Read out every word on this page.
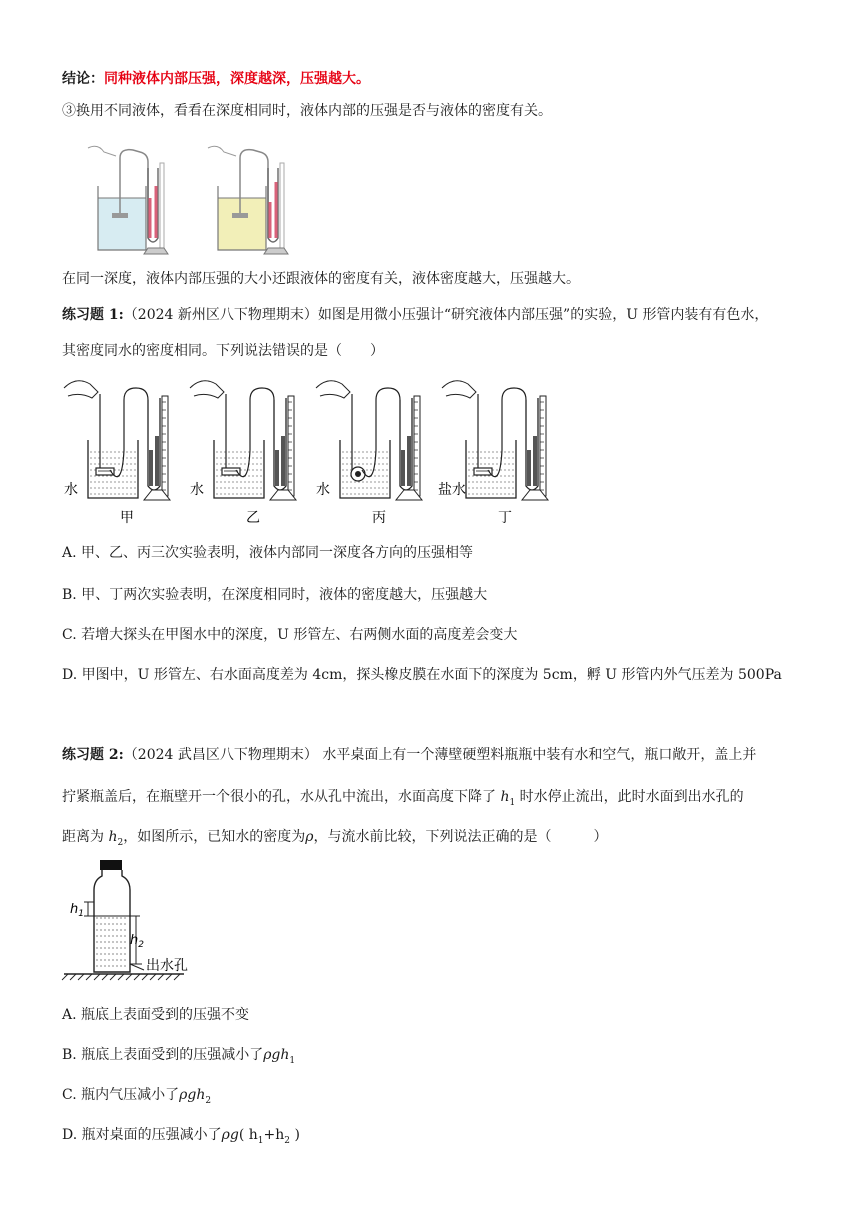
结论：同种液体内部压强，深度越深，压强越大。
③换用不同液体，看看在深度相同时，液体内部的压强是否与液体的密度有关。
在同一深度，液体内部压强的大小还跟液体的密度有关，液体密度越大，压强越大。
练习题 1:（2024 新州区八下物理期末）如图是用微小压强计“研究液体内部压强”的实验，U 形管内装有有色水，
其密度同水的密度相同。下列说法错误的是（　　）
水
甲
水
乙
水
丙
盐水
丁
A. 甲、乙、丙三次实验表明，液体内部同一深度各方向的压强相等
B. 甲、丁两次实验表明，在深度相同时，液体的密度越大，压强越大
C. 若增大探头在甲图水中的深度，U 形管左、右两侧水面的高度差会变大
D. 甲图中，U 形管左、右水面高度差为 4cm，探头橡皮膜在水面下的深度为 5cm，孵 U 形管内外气压差为 500Pa
练习题 2:（2024 武昌区八下物理期末） 水平桌面上有一个薄壁硬塑料瓶瓶中装有水和空气，瓶口敞开，盖上并
拧紧瓶盖后，在瓶壁开一个很小的孔，水从孔中流出，水面高度下降了 $h_1$ 时水停止流出，此时水面到出水孔的
距离为 $h_2$，如图所示，已知水的密度为ρ，与流水前比较，下列说法正确的是（　　　）
$h_1$
$h_2$
出水孔
A. 瓶底上表面受到的压强不变
B. 瓶底上表面受到的压强减小了ρgh$_1$
C. 瓶内气压减小了ρgh$_2$
D. 瓶对桌面的压强减小了ρg( $h_1+h_2$ )
